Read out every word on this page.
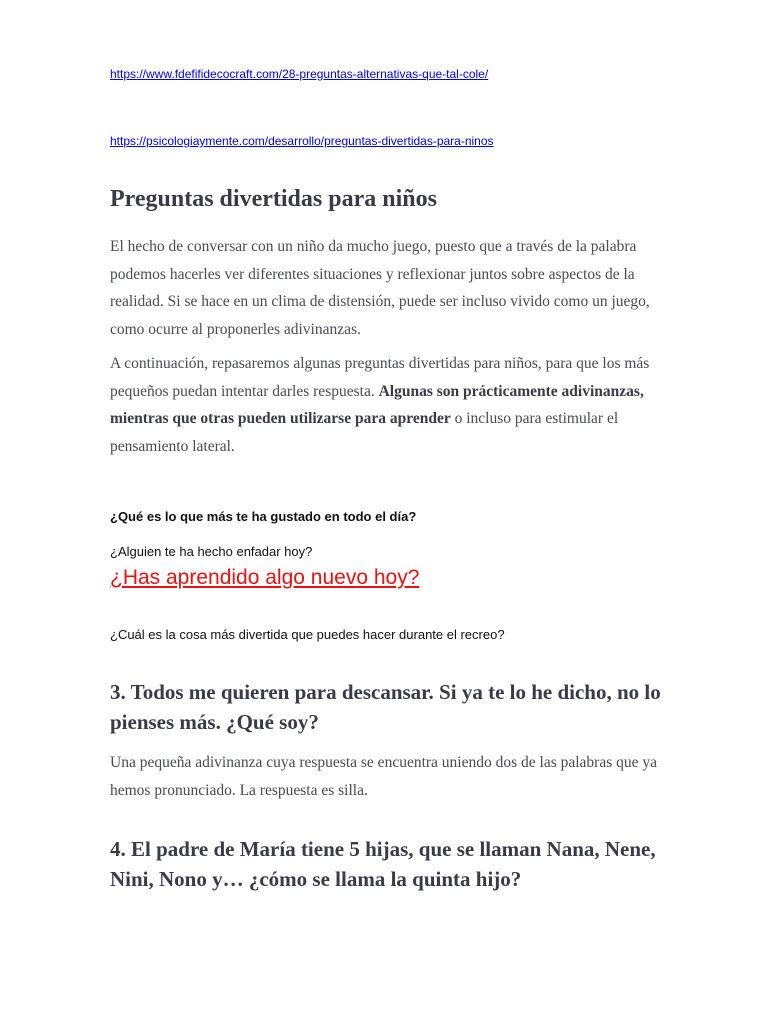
https://www.fdefifidecocraft.com/28-preguntas-alternativas-que-tal-cole/
https://psicologiaymente.com/desarrollo/preguntas-divertidas-para-ninos
Preguntas divertidas para niños

El hecho de conversar con un niño da mucho juego, puesto que a través de la palabra podemos hacerles ver diferentes situaciones y reflexionar juntos sobre aspectos de la realidad. Si se hace en un clima de distensión, puede ser incluso vivido como un juego, como ocurre al proponerles adivinanzas.

A continuación, repasaremos algunas preguntas divertidas para niños, para que los más pequeños puedan intentar darles respuesta. Algunas son prácticamente adivinanzas, mientras que otras pueden utilizarse para aprender o incluso para estimular el pensamiento lateral.

¿Qué es lo que más te ha gustado en todo el día?
¿Alguien te ha hecho enfadar hoy?
¿Has aprendido algo nuevo hoy?
¿Cuál es la cosa más divertida que puedes hacer durante el recreo?
3. Todos me quieren para descansar. Si ya te lo he dicho, no lo pienses más. ¿Qué soy?

Una pequeña adivinanza cuya respuesta se encuentra uniendo dos de las palabras que ya hemos pronunciado. La respuesta es silla.

4. El padre de María tiene 5 hijas, que se llaman Nana, Nene, Nini, Nono y… ¿cómo se llama la quinta hijo?
